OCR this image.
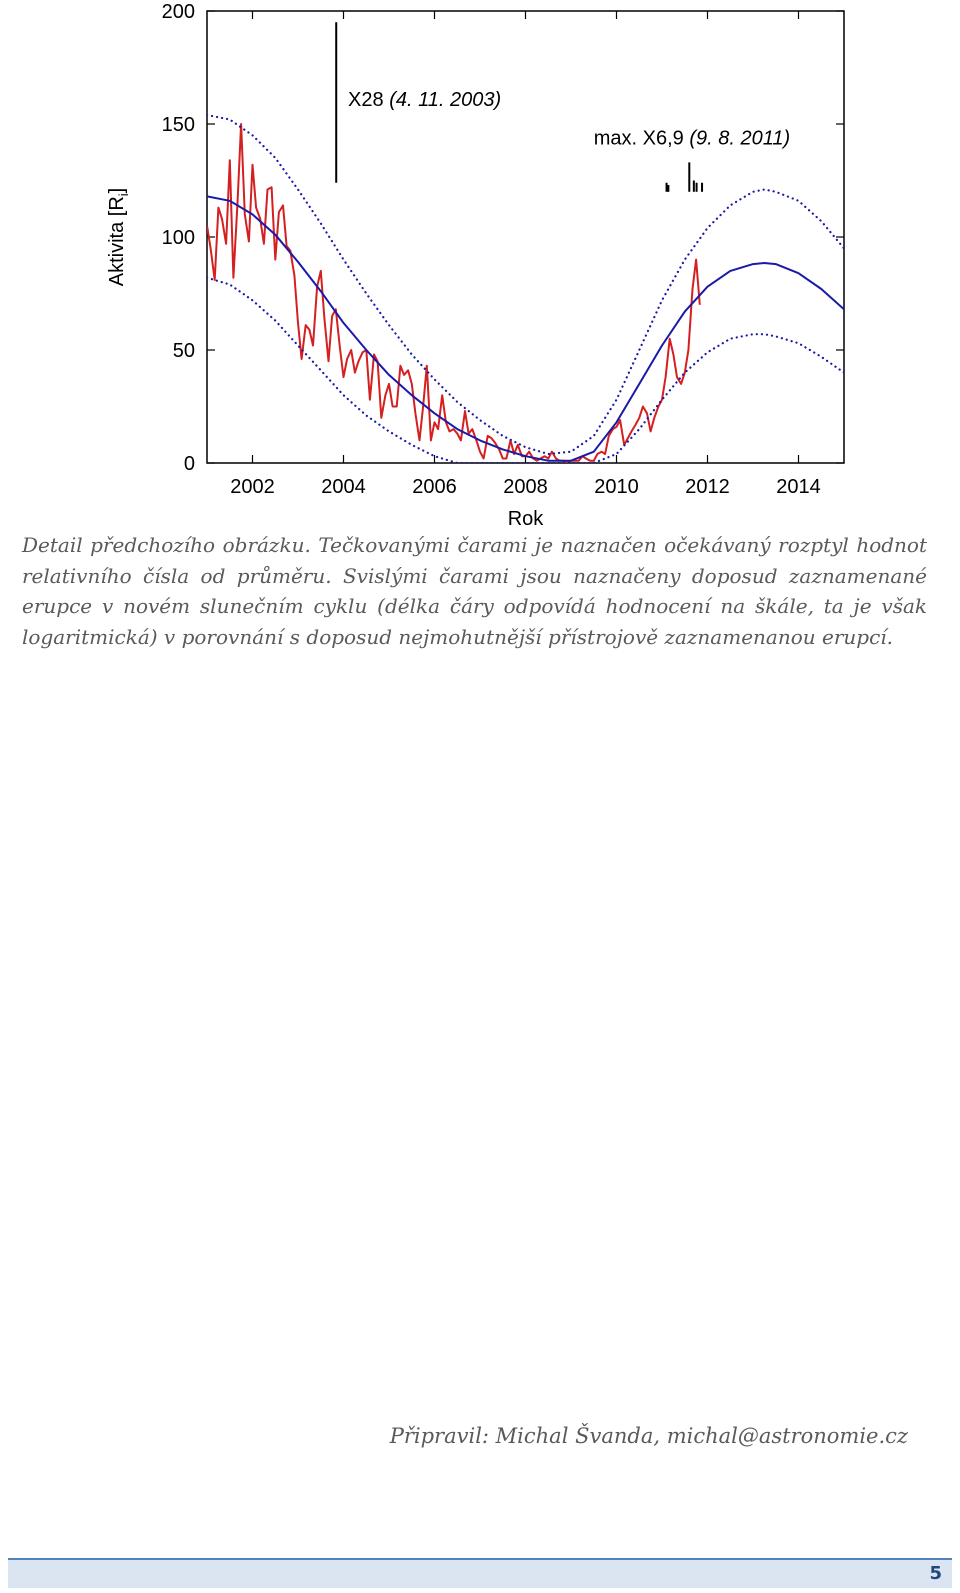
0
50
100
150
200
2002 2004 2006 2008 2010 2012 2014
Rok
Aktivita $[R_i]$
X28 (4. 11. 2003)
max. X6,9 (9. 8. 2011)

Detail předchozího obrázku. Tečkovanými čarami je naznačen očekávaný rozptyl hodnot relativního čísla od průměru. Svislými čarami jsou naznačeny doposud zaznamenané erupce v novém slunečním cyklu (délka čáry odpovídá hodnocení na škále, ta je však logaritmická) v porovnání s doposud nejmohutnější přístrojově zaznamenanou erupcí.

Připravil: Michal Švanda, michal@astronomie.cz
5
